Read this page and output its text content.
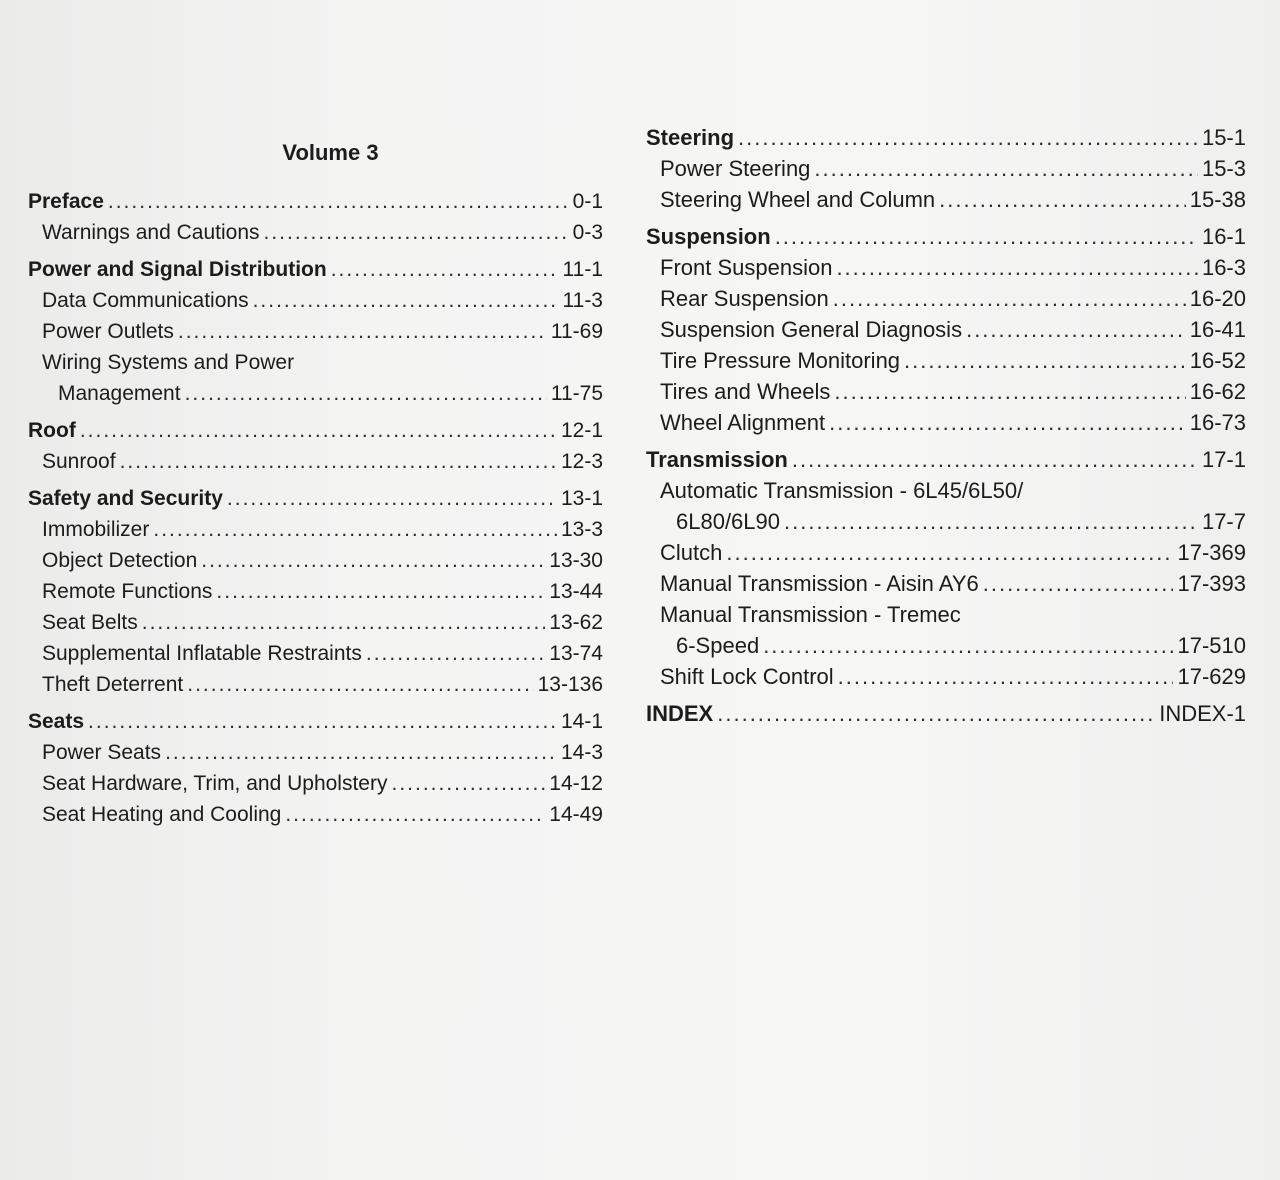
Volume 3
Preface .....	0-1
Warnings and Cautions .....	0-3
Power and Signal Distribution .....	11-1
Data Communications .....	11-3
Power Outlets .....	11-69
Wiring Systems and Power
Management .....	11-75
Roof .....	12-1
Sunroof .....	12-3
Safety and Security .....	13-1
Immobilizer .....	13-3
Object Detection .....	13-30
Remote Functions .....	13-44
Seat Belts .....	13-62
Supplemental Inflatable Restraints .....	13-74
Theft Deterrent .....	13-136
Seats .....	14-1
Power Seats .....	14-3
Seat Hardware, Trim, and Upholstery .....	14-12
Seat Heating and Cooling .....	14-49
Steering .....	15-1
Power Steering .....	15-3
Steering Wheel and Column .....	15-38
Suspension .....	16-1
Front Suspension .....	16-3
Rear Suspension .....	16-20
Suspension General Diagnosis .....	16-41
Tire Pressure Monitoring .....	16-52
Tires and Wheels .....	16-62
Wheel Alignment .....	16-73
Transmission .....	17-1
Automatic Transmission - 6L45/6L50/
6L80/6L90 .....	17-7
Clutch .....	17-369
Manual Transmission - Aisin AY6 .....	17-393
Manual Transmission - Tremec
6-Speed .....	17-510
Shift Lock Control .....	17-629
INDEX .....	INDEX-1
